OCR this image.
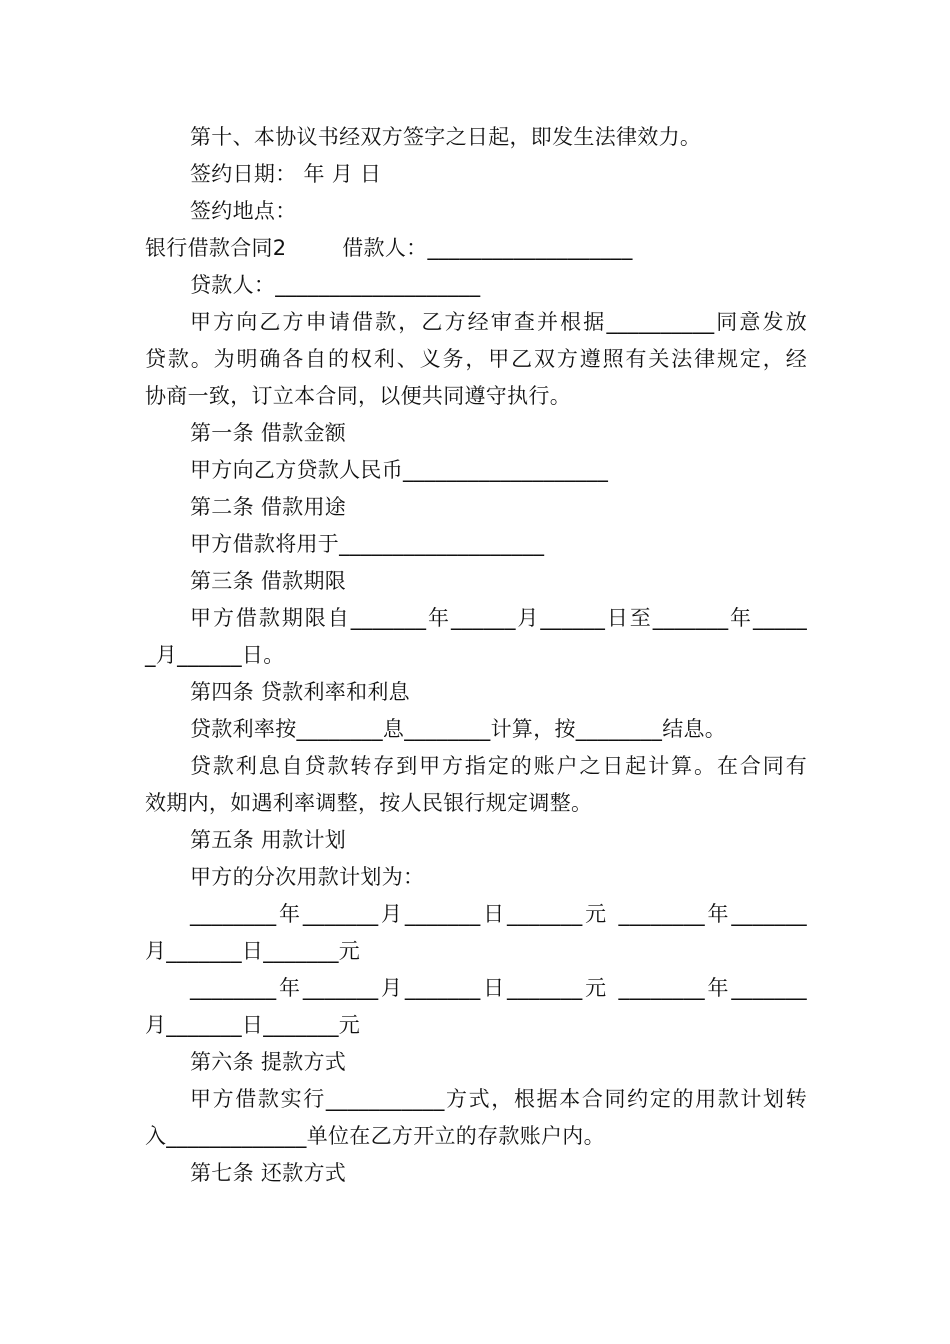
第十、本协议书经双方签字之日起，即发生法律效力。
签约日期： 年 月 日
签约地点：
银行借款合同2        借款人：___________________
贷款人：___________________
甲方向乙方申请借款，乙方经审查并根据__________同意发放
贷款。为明确各自的权利、义务，甲乙双方遵照有关法律规定，经
协商一致，订立本合同，以便共同遵守执行。
第一条 借款金额
甲方向乙方贷款人民币___________________
第二条 借款用途
甲方借款将用于___________________
第三条 借款期限
甲方借款期限自_______年______月______日至_______年_____
_月______日。
第四条 贷款利率和利息
贷款利率按________息________计算，按________结息。
贷款利息自贷款转存到甲方指定的账户之日起计算。在合同有
效期内，如遇利率调整，按人民银行规定调整。
第五条 用款计划
甲方的分次用款计划为：
________年_______月_______日_______元 ________年_______
月_______日_______元
________年_______月_______日_______元 ________年_______
月_______日_______元
第六条 提款方式
甲方借款实行___________方式，根据本合同约定的用款计划转
入_____________单位在乙方开立的存款账户内。
第七条 还款方式
